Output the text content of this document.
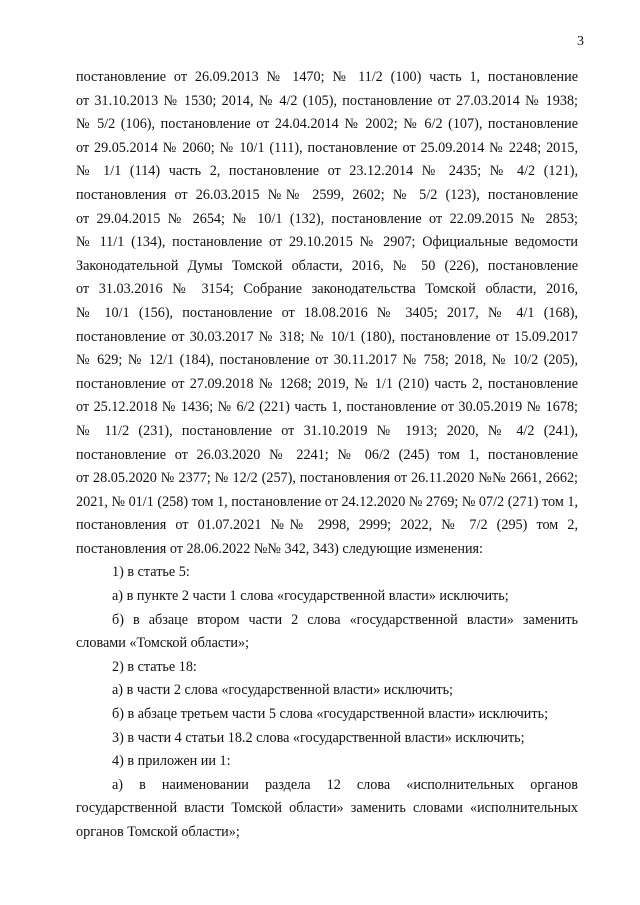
3
постановление от 26.09.2013 № 1470; № 11/2 (100) часть 1, постановление
от 31.10.2013 № 1530; 2014, № 4/2 (105), постановление от 27.03.2014 № 1938;
№ 5/2 (106), постановление от 24.04.2014 № 2002; № 6/2 (107), постановление
от 29.05.2014 № 2060; № 10/1 (111), постановление от 25.09.2014 № 2248; 2015,
№ 1/1 (114) часть 2, постановление от 23.12.2014 № 2435; № 4/2 (121),
постановления от 26.03.2015 №№ 2599, 2602; № 5/2 (123), постановление
от 29.04.2015 № 2654; № 10/1 (132), постановление от 22.09.2015 № 2853;
№ 11/1 (134), постановление от 29.10.2015 № 2907; Официальные ведомости
Законодательной Думы Томской области, 2016, № 50 (226), постановление
от 31.03.2016 № 3154; Собрание законодательства Томской области, 2016,
№ 10/1 (156), постановление от 18.08.2016 № 3405; 2017, № 4/1 (168),
постановление от 30.03.2017 № 318; № 10/1 (180), постановление от 15.09.2017
№ 629; № 12/1 (184), постановление от 30.11.2017 № 758; 2018, № 10/2 (205),
постановление от 27.09.2018 № 1268; 2019, № 1/1 (210) часть 2, постановление
от 25.12.2018 № 1436; № 6/2 (221) часть 1, постановление от 30.05.2019 № 1678;
№ 11/2 (231), постановление от 31.10.2019 № 1913; 2020, № 4/2 (241),
постановление от 26.03.2020 № 2241; № 06/2 (245) том 1, постановление
от 28.05.2020 № 2377; № 12/2 (257), постановления от 26.11.2020 №№ 2661, 2662;
2021, № 01/1 (258) том 1, постановление от 24.12.2020 № 2769; № 07/2 (271) том 1,
постановления от 01.07.2021 №№ 2998, 2999; 2022, № 7/2 (295) том 2,
постановления от 28.06.2022 №№ 342, 343) следующие изменения:
1) в статье 5:
а) в пункте 2 части 1 слова «государственной власти» исключить;
б) в абзаце втором части 2 слова «государственной власти» заменить
словами «Томской области»;
2) в статье 18:
а) в части 2 слова «государственной власти» исключить;
б) в абзаце третьем части 5 слова «государственной власти» исключить;
3) в части 4 статьи 18.2 слова «государственной власти» исключить;
4) в приложен ии 1:
а) в наименовании раздела 12 слова «исполнительных органов
государственной власти Томской области» заменить словами «исполнительных
органов Томской области»;
